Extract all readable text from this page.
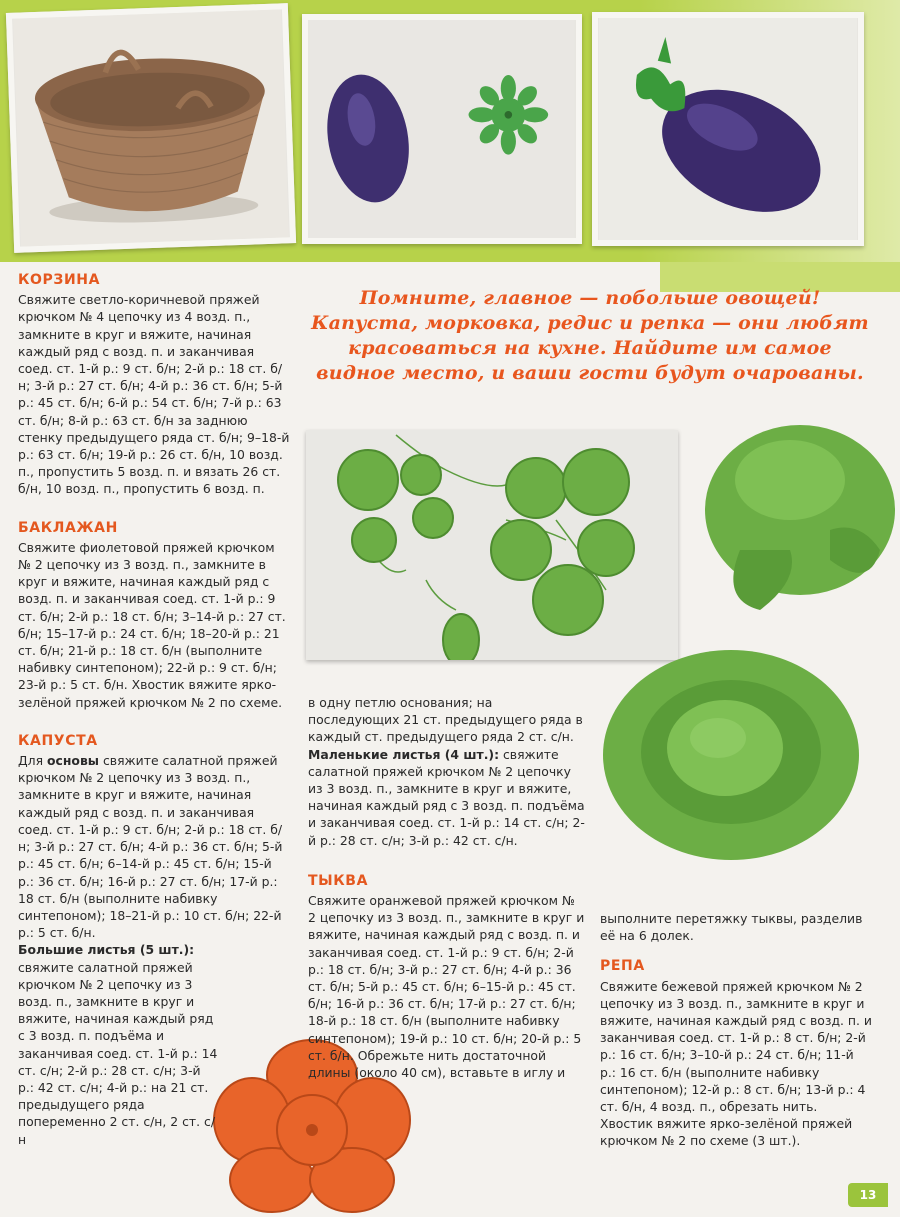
Помните, главное — побольше овощей! Капуста, морковка, редис и репка — они любят красоваться на кухне. Найдите им самое видное место, и ваши гости будут очарованы.
КОРЗИНА

Свяжите светло-коричневой пряжей крючком № 4 цепочку из 4 возд. п., замкните в круг и вяжите, начиная каждый ряд с возд. п. и заканчивая соед. ст. 1-й р.: 9 ст. б/н; 2-й р.: 18 ст. б/н; 3-й р.: 27 ст. б/н; 4-й р.: 36 ст. б/н; 5-й р.: 45 ст. б/н; 6-й р.: 54 ст. б/н; 7-й р.: 63 ст. б/н; 8-й р.: 63 ст. б/н за заднюю стенку предыдущего ряда ст. б/н; 9–18-й р.: 63 ст. б/н; 19-й р.: 26 ст. б/н, 10 возд. п., пропустить 5 возд. п. и вязать 26 ст. б/н, 10 возд. п., пропустить 6 возд. п.

БАКЛАЖАН

Свяжите фиолетовой пряжей крючком № 2 цепочку из 3 возд. п., замкните в круг и вяжите, начиная каждый ряд с возд. п. и заканчивая соед. ст. 1-й р.: 9 ст. б/н; 2-й р.: 18 ст. б/н; 3–14-й р.: 27 ст. б/н; 15–17-й р.: 24 ст. б/н; 18–20-й р.: 21 ст. б/н; 21-й р.: 18 ст. б/н (выполните набивку синтепоном); 22-й р.: 9 ст. б/н; 23-й р.: 5 ст. б/н. Хвостик вяжите ярко-зелёной пряжей крючком № 2 по схеме.

КАПУСТА

Для основы свяжите салатной пряжей крючком № 2 цепочку из 3 возд. п., замкните в круг и вяжите, начиная каждый ряд с возд. п. и заканчивая соед. ст. 1-й р.: 9 ст. б/н; 2-й р.: 18 ст. б/н; 3-й р.: 27 ст. б/н; 4-й р.: 36 ст. б/н; 5-й р.: 45 ст. б/н; 6–14-й р.: 45 ст. б/н; 15-й р.: 36 ст. б/н; 16-й р.: 27 ст. б/н; 17-й р.: 18 ст. б/н (выполните набивку синтепоном); 18–21-й р.: 10 ст. б/н; 22-й р.: 5 ст. б/н.

Большие листья (5 шт.): свяжите салатной пряжей крючком № 2 цепочку из 3 возд. п., замкните в круг и вяжите, начиная каждый ряд с 3 возд. п. подъёма и заканчивая соед. ст. 1-й р.: 14 ст. с/н; 2-й р.: 28 ст. с/н; 3-й р.: 42 ст. с/н; 4-й р.: на 21 ст. предыдущего ряда попеременно 2 ст. с/н, 2 ст. с/н

в одну петлю основания; на последующих 21 ст. предыдущего ряда в каждый ст. предыдущего ряда 2 ст. с/н.

Маленькие листья (4 шт.): свяжите салатной пряжей крючком № 2 цепочку из 3 возд. п., замкните в круг и вяжите, начиная каждый ряд с 3 возд. п. подъёма и заканчивая соед. ст. 1-й р.: 14 ст. с/н; 2-й р.: 28 ст. с/н; 3-й р.: 42 ст. с/н.

ТЫКВА

Свяжите оранжевой пряжей крючком № 2 цепочку из 3 возд. п., замкните в круг и вяжите, начиная каждый ряд с возд. п. и заканчивая соед. ст. 1-й р.: 9 ст. б/н; 2-й р.: 18 ст. б/н; 3-й р.: 27 ст. б/н; 4-й р.: 36 ст. б/н; 5-й р.: 45 ст. б/н; 6–15-й р.: 45 ст. б/н; 16-й р.: 36 ст. б/н; 17-й р.: 27 ст. б/н; 18-й р.: 18 ст. б/н (выполните набивку синтепоном); 19-й р.: 10 ст. б/н; 20-й р.: 5 ст. б/н. Обрежьте нить достаточной длины (около 40 см), вставьте в иглу и

выполните перетяжку тыквы, разделив её на 6 долек.

РЕПА

Свяжите бежевой пряжей крючком № 2 цепочку из 3 возд. п., замкните в круг и вяжите, начиная каждый ряд с возд. п. и заканчивая соед. ст. 1-й р.: 8 ст. б/н; 2-й р.: 16 ст. б/н; 3–10-й р.: 24 ст. б/н; 11-й р.: 16 ст. б/н (выполните набивку синтепоном); 12-й р.: 8 ст. б/н; 13-й р.: 4 ст. б/н, 4 возд. п., обрезать нить. Хвостик вяжите ярко-зелёной пряжей крючком № 2 по схеме (3 шт.).

13
